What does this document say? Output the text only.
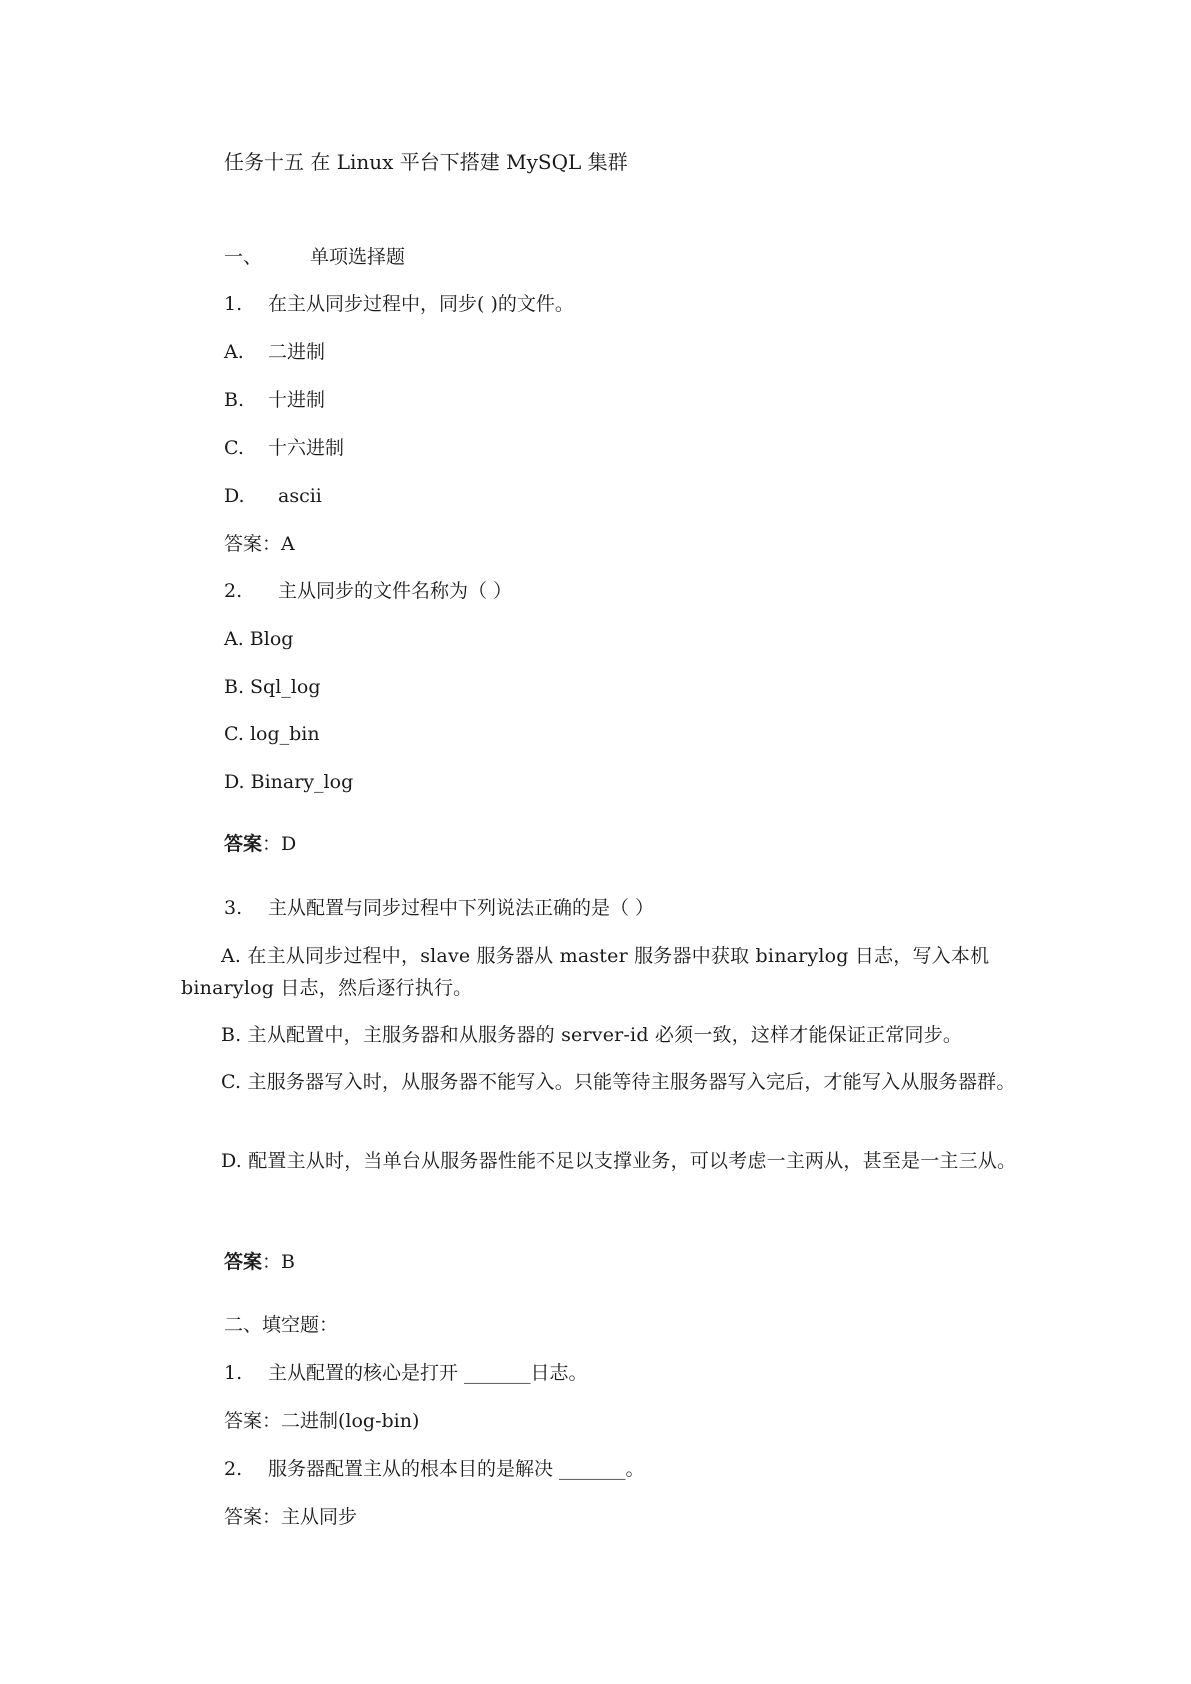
任务十五 在 Linux 平台下搭建 MySQL 集群
一、	单项选择题
1. 在主从同步过程中，同步( )的文件。
A. 二进制
B. 十进制
C. 十六进制
D. ascii
答案：A
2. 主从同步的文件名称为（ ）
A. Blog
B. Sql_log
C. log_bin
D. Binary_log
答案：D
3. 主从配置与同步过程中下列说法正确的是（ ）
A. 在主从同步过程中，slave 服务器从 master 服务器中获取 binarylog 日志，写入本机 binarylog 日志，然后逐行执行。
B. 主从配置中，主服务器和从服务器的 server-id 必须一致，这样才能保证正常同步。
C. 主服务器写入时，从服务器不能写入。只能等待主服务器写入完后，才能写入从服务器群。
D. 配置主从时，当单台从服务器性能不足以支撑业务，可以考虑一主两从，甚至是一主三从。
答案：B
二、填空题：
1. 主从配置的核心是打开 _______日志。
答案：二进制(log-bin)
2. 服务器配置主从的根本目的是解决 _______。
答案：主从同步
